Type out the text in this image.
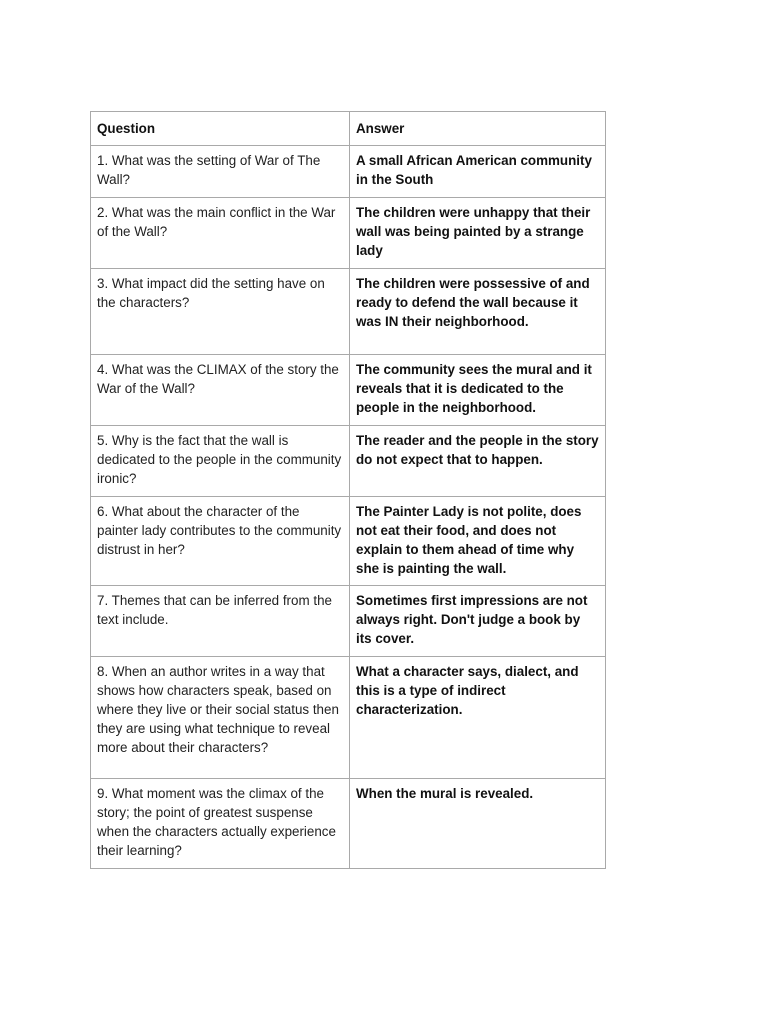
Question	Answer
1. What was the setting of War of The Wall?	A small African American community in the South
2. What was the main conflict in the War of the Wall?	The children were unhappy that their wall was being painted by a strange lady
3. What impact did the setting have on the characters?	The children were possessive of and ready to defend the wall because it was IN their neighborhood.
4. What was the CLIMAX of the story the War of the Wall?	The community sees the mural and it reveals that it is dedicated to the people in the neighborhood.
5. Why is the fact that the wall is dedicated to the people in the community ironic?	The reader and the people in the story do not expect that to happen.
6. What about the character of the painter lady contributes to the community distrust in her?	The Painter Lady is not polite, does not eat their food, and does not explain to them ahead of time why she is painting the wall.
7. Themes that can be inferred from the text include.	Sometimes first impressions are not always right. Don't judge a book by its cover.
8. When an author writes in a way that shows how characters speak, based on where they live or their social status then they are using what technique to reveal more about their characters?	What a character says, dialect, and this is a type of indirect characterization.
9. What moment was the climax of the story; the point of greatest suspense when the characters actually experience their learning?	When the mural is revealed.
